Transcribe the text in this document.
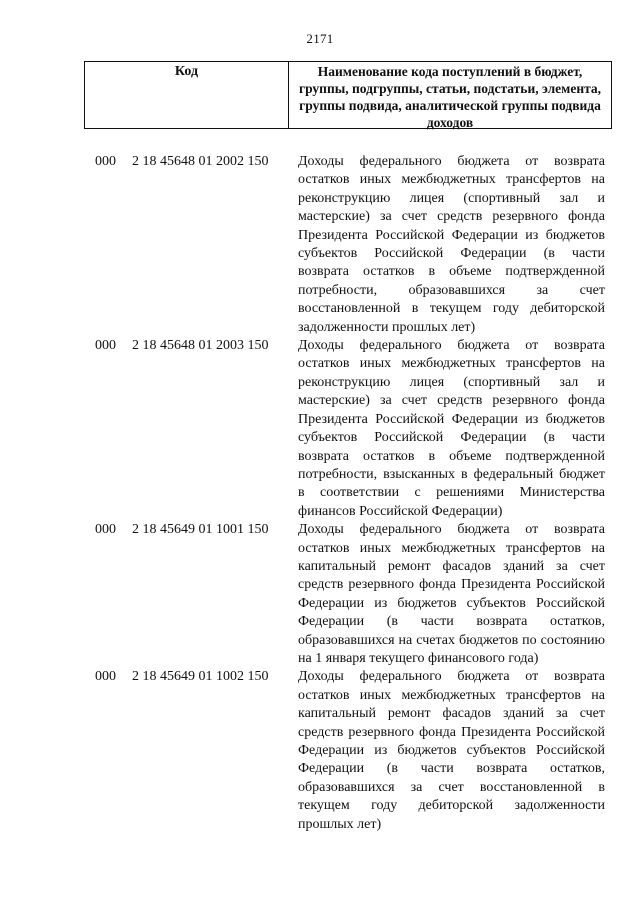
2171
Код	Наименование кода поступлений в бюджет, группы, подгруппы, статьи, подстатьи, элемента, группы подвида, аналитической группы подвида доходов
000	2 18 45648 01 2002 150	Доходы федерального бюджета от возврата остатков иных межбюджетных трансфертов на реконструкцию лицея (спортивный зал и мастерские) за счет средств резервного фонда Президента Российской Федерации из бюджетов субъектов Российской Федерации (в части возврата остатков в объеме подтвержденной потребности, образовавшихся за счет восстановленной в текущем году дебиторской задолженности прошлых лет)
000	2 18 45648 01 2003 150	Доходы федерального бюджета от возврата остатков иных межбюджетных трансфертов на реконструкцию лицея (спортивный зал и мастерские) за счет средств резервного фонда Президента Российской Федерации из бюджетов субъектов Российской Федерации (в части возврата остатков в объеме подтвержденной потребности, взысканных в федеральный бюджет в соответствии с решениями Министерства финансов Российской Федерации)
000	2 18 45649 01 1001 150	Доходы федерального бюджета от возврата остатков иных межбюджетных трансфертов на капитальный ремонт фасадов зданий за счет средств резервного фонда Президента Российской Федерации из бюджетов субъектов Российской Федерации (в части возврата остатков, образовавшихся на счетах бюджетов по состоянию на 1 января текущего финансового года)
000	2 18 45649 01 1002 150	Доходы федерального бюджета от возврата остатков иных межбюджетных трансфертов на капитальный ремонт фасадов зданий за счет средств резервного фонда Президента Российской Федерации из бюджетов субъектов Российской Федерации (в части возврата остатков, образовавшихся за счет восстановленной в текущем году дебиторской задолженности прошлых лет)
